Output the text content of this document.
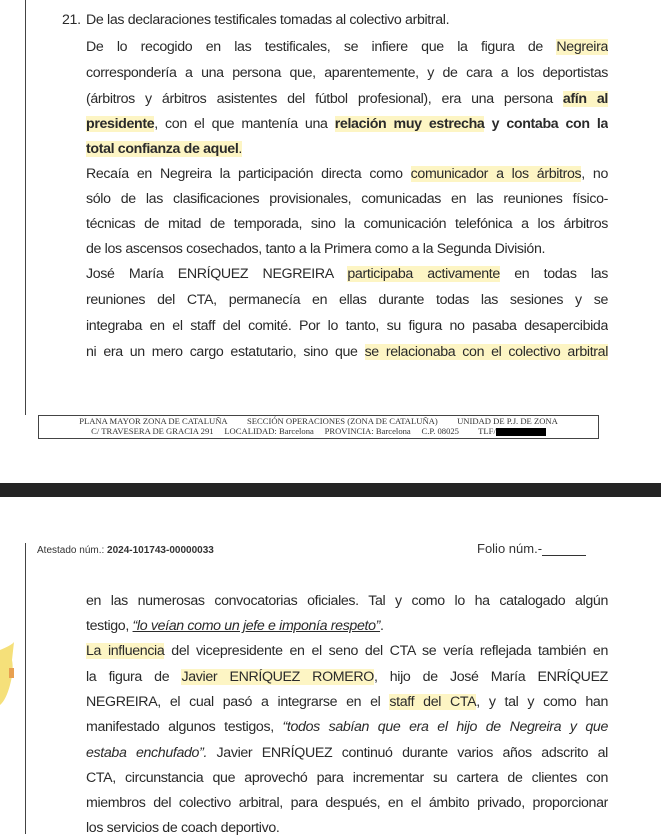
21. De las declaraciones testificales tomadas al colectivo arbitral.
De lo recogido en las testificales, se infiere que la figura de Negreira
correspondería a una persona que, aparentemente, y de cara a los deportistas
(árbitros y árbitros asistentes del fútbol profesional), era una persona afín al
presidente, con el que mantenía una relación muy estrecha y contaba con la
total confianza de aquel.
Recaía en Negreira la participación directa como comunicador a los árbitros, no
sólo de las clasificaciones provisionales, comunicadas en las reuniones físico-
técnicas de mitad de temporada, sino la comunicación telefónica a los árbitros
de los ascensos cosechados, tanto a la Primera como a la Segunda División.
José María ENRÍQUEZ NEGREIRA participaba activamente en todas las
reuniones del CTA, permanecía en ellas durante todas las sesiones y se
integraba en el staff del comité. Por lo tanto, su figura no pasaba desapercibida
ni era un mero cargo estatutario, sino que se relacionaba con el colectivo arbitral
PLANA MAYOR ZONA DE CATALUÑA   SECCIÓN OPERACIONES (ZONA DE CATALUÑA)   UNIDAD DE P.J. DE ZONA
C/ TRAVESERA DE GRACIA 291  LOCALIDAD: Barcelona  PROVINCIA: Barcelona  C.P. 08025   TLF/
Atestado núm.: 2024-101743-00000033	Folio núm.-
en las numerosas convocatorias oficiales. Tal y como lo ha catalogado algún
testigo, “lo veían como un jefe e imponía respeto”.
La influencia del vicepresidente en el seno del CTA se vería reflejada también en
la figura de Javier ENRÍQUEZ ROMERO, hijo de José María ENRÍQUEZ
NEGREIRA, el cual pasó a integrarse en el staff del CTA, y tal y como han
manifestado algunos testigos, “todos sabían que era el hijo de Negreira y que
estaba enchufado”. Javier ENRÍQUEZ continuó durante varios años adscrito al
CTA, circunstancia que aprovechó para incrementar su cartera de clientes con
miembros del colectivo arbitral, para después, en el ámbito privado, proporcionar
los servicios de coach deportivo.
